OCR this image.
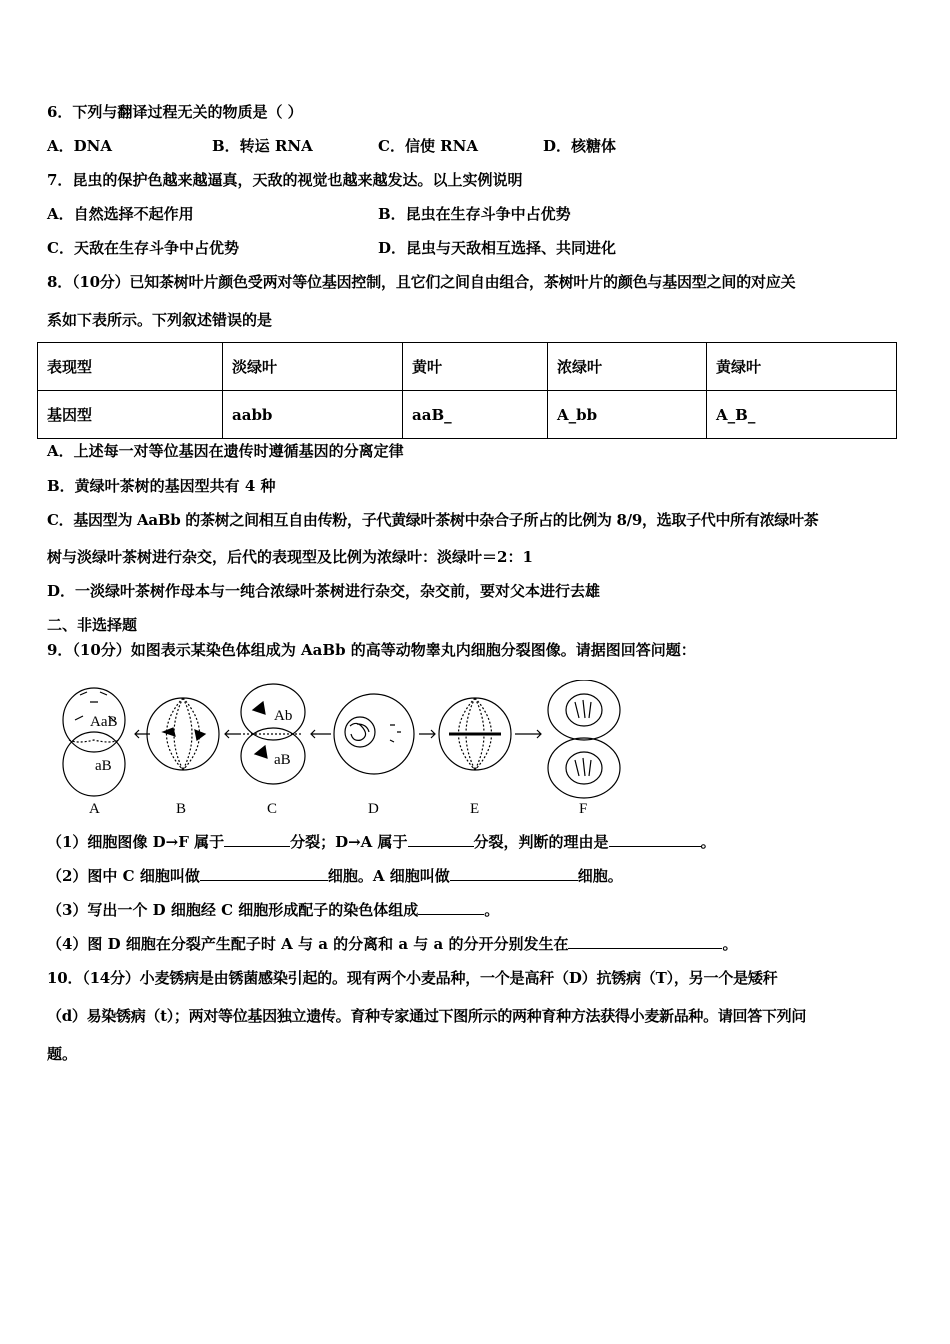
6．下列与翻译过程无关的物质是（ ）
A．DNA	B．转运 RNA	C．信使 RNA	D．核糖体
7．昆虫的保护色越来越逼真，天敌的视觉也越来越发达。以上实例说明
A．自然选择不起作用	B．昆虫在生存斗争中占优势
C．天敌在生存斗争中占优势	D．昆虫与天敌相互选择、共同进化
8．（10分）已知茶树叶片颜色受两对等位基因控制，且它们之间自由组合，茶树叶片的颜色与基因型之间的对应关
系如下表所示。下列叙述错误的是
表现型	淡绿叶	黄叶	浓绿叶	黄绿叶
基因型	aabb	aaB_	A_bb	A_B_
A．上述每一对等位基因在遗传时遵循基因的分离定律
B．黄绿叶茶树的基因型共有 4 种
C．基因型为 AaBb 的茶树之间相互自由传粉，子代黄绿叶茶树中杂合子所占的比例为 8/9，选取子代中所有浓绿叶茶
树与淡绿叶茶树进行杂交，后代的表现型及比例为浓绿叶：淡绿叶＝2：1
D．一淡绿叶茶树作母本与一纯合浓绿叶茶树进行杂交，杂交前，要对父本进行去雄
二、非选择题
9．（10分）如图表示某染色体组成为 AaBb 的高等动物睾丸内细胞分裂图像。请据图回答问题：
AaB
aB
Ab
aB
A	B	C	D	E	F
（1）细胞图像 D→F 属于	分裂；D→A 属于	分裂，判断的理由是	。
（2）图中 C 细胞叫做	细胞。A 细胞叫做	细胞。
（3）写出一个 D 细胞经 C 细胞形成配子的染色体组成	。
（4）图 D 细胞在分裂产生配子时 A 与 a 的分离和 a 与 a 的分开分别发生在	。
10．（14分）小麦锈病是由锈菌感染引起的。现有两个小麦品种，一个是高秆（D）抗锈病（T），另一个是矮秆
（d）易染锈病（t）；两对等位基因独立遗传。育种专家通过下图所示的两种育种方法获得小麦新品种。请回答下列问
题。
